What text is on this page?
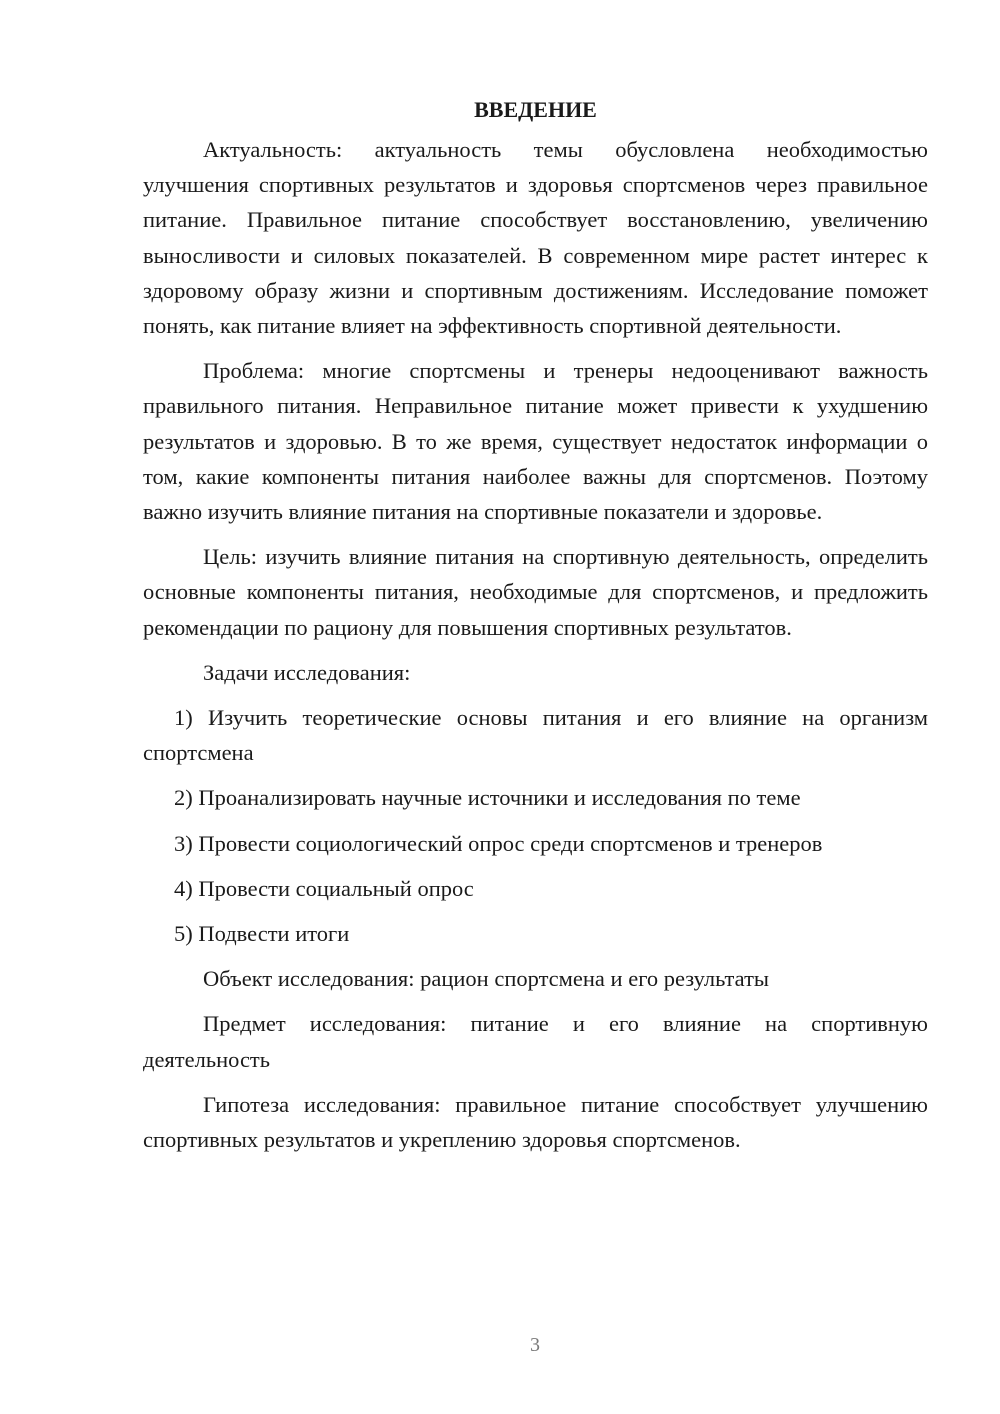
ВВЕДЕНИЕ

Актуальность: актуальность темы обусловлена необходимостью улучшения спортивных результатов и здоровья спортсменов через правильное питание. Правильное питание способствует восстановлению, увеличению выносливости и силовых показателей. В современном мире растет интерес к здоровому образу жизни и спортивным достижениям. Исследование поможет понять, как питание влияет на эффективность спортивной деятельности.

Проблема: многие спортсмены и тренеры недооценивают важность правильного питания. Неправильное питание может привести к ухудшению результатов и здоровью. В то же время, существует недостаток информации о том, какие компоненты питания наиболее важны для спортсменов. Поэтому важно изучить влияние питания на спортивные показатели и здоровье.

Цель: изучить влияние питания на спортивную деятельность, определить основные компоненты питания, необходимые для спортсменов, и предложить рекомендации по рациону для повышения спортивных результатов.

Задачи исследования:

1) Изучить теоретические основы питания и его влияние на организм спортсмена

2) Проанализировать научные источники и исследования по теме

3) Провести социологический опрос среди спортсменов и тренеров

4) Провести социальный опрос

5) Подвести итоги

Объект исследования: рацион спортсмена и его результаты

Предмет исследования: питание и его влияние на спортивную деятельность

Гипотеза исследования: правильное питание способствует улучшению спортивных результатов и укреплению здоровья спортсменов.

3
